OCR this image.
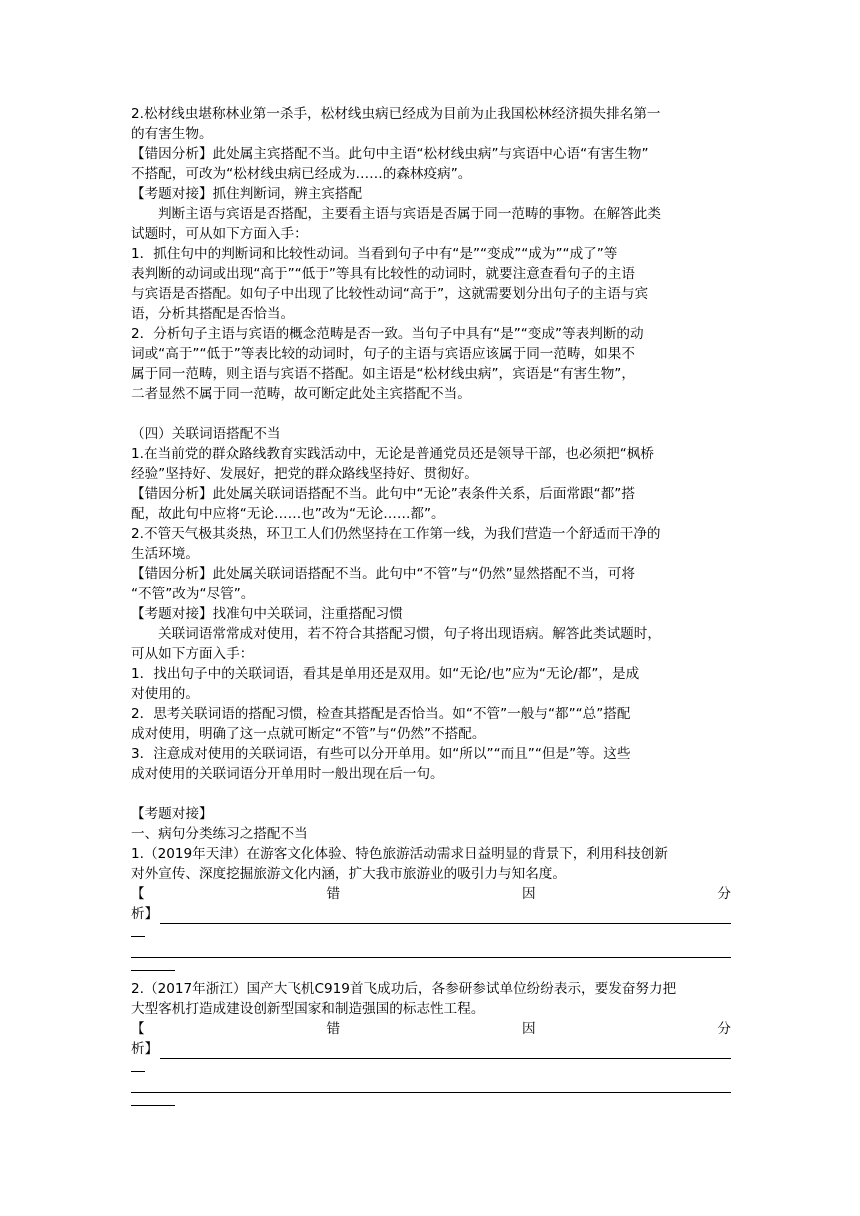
2.松材线虫堪称林业第一杀手，松材线虫病已经成为目前为止我国松林经济损失排名第一
的有害生物。
【错因分析】此处属主宾搭配不当。此句中主语“松材线虫病”与宾语中心语“有害生物”
不搭配，可改为“松材线虫病已经成为……的森林疫病”。
【考题对接】抓住判断词，辨主宾搭配
判断主语与宾语是否搭配，主要看主语与宾语是否属于同一范畴的事物。在解答此类
试题时，可从如下方面入手：
1．抓住句中的判断词和比较性动词。当看到句子中有“是”“变成”“成为”“成了”等
表判断的动词或出现“高于”“低于”等具有比较性的动词时，就要注意查看句子的主语
与宾语是否搭配。如句子中出现了比较性动词“高于”，这就需要划分出句子的主语与宾
语，分析其搭配是否恰当。
2．分析句子主语与宾语的概念范畴是否一致。当句子中具有“是”“变成”等表判断的动
词或“高于”“低于”等表比较的动词时，句子的主语与宾语应该属于同一范畴，如果不
属于同一范畴，则主语与宾语不搭配。如主语是“松材线虫病”，宾语是“有害生物”，
二者显然不属于同一范畴，故可断定此处主宾搭配不当。
（四）关联词语搭配不当
1.在当前党的群众路线教育实践活动中，无论是普通党员还是领导干部，也必须把“枫桥
经验”坚持好、发展好，把党的群众路线坚持好、贯彻好。
【错因分析】此处属关联词语搭配不当。此句中“无论”表条件关系，后面常跟“都”搭
配，故此句中应将“无论……也”改为“无论……都”。
2.不管天气极其炎热，环卫工人们仍然坚持在工作第一线，为我们营造一个舒适而干净的
生活环境。
【错因分析】此处属关联词语搭配不当。此句中“不管”与“仍然”显然搭配不当，可将
“不管”改为“尽管”。
【考题对接】找准句中关联词，注重搭配习惯
关联词语常常成对使用，若不符合其搭配习惯，句子将出现语病。解答此类试题时，
可从如下方面入手：
1．找出句子中的关联词语，看其是单用还是双用。如“无论/也”应为“无论/都”，是成
对使用的。
2．思考关联词语的搭配习惯，检查其搭配是否恰当。如“不管”一般与“都”“总”搭配
成对使用，明确了这一点就可断定“不管”与“仍然”不搭配。
3．注意成对使用的关联词语，有些可以分开单用。如“所以”“而且”“但是”等。这些
成对使用的关联词语分开单用时一般出现在后一句。
【考题对接】
一、病句分类练习之搭配不当
1.（2019年天津）在游客文化体验、特色旅游活动需求日益明显的背景下，利用科技创新
对外宣传、深度挖掘旅游文化内涵，扩大我市旅游业的吸引力与知名度。
【	错	因	分
析】
2.（2017年浙江）国产大飞机C919首飞成功后，各参研参试单位纷纷表示，要发奋努力把
大型客机打造成建设创新型国家和制造强国的标志性工程。
【	错	因	分
析】
